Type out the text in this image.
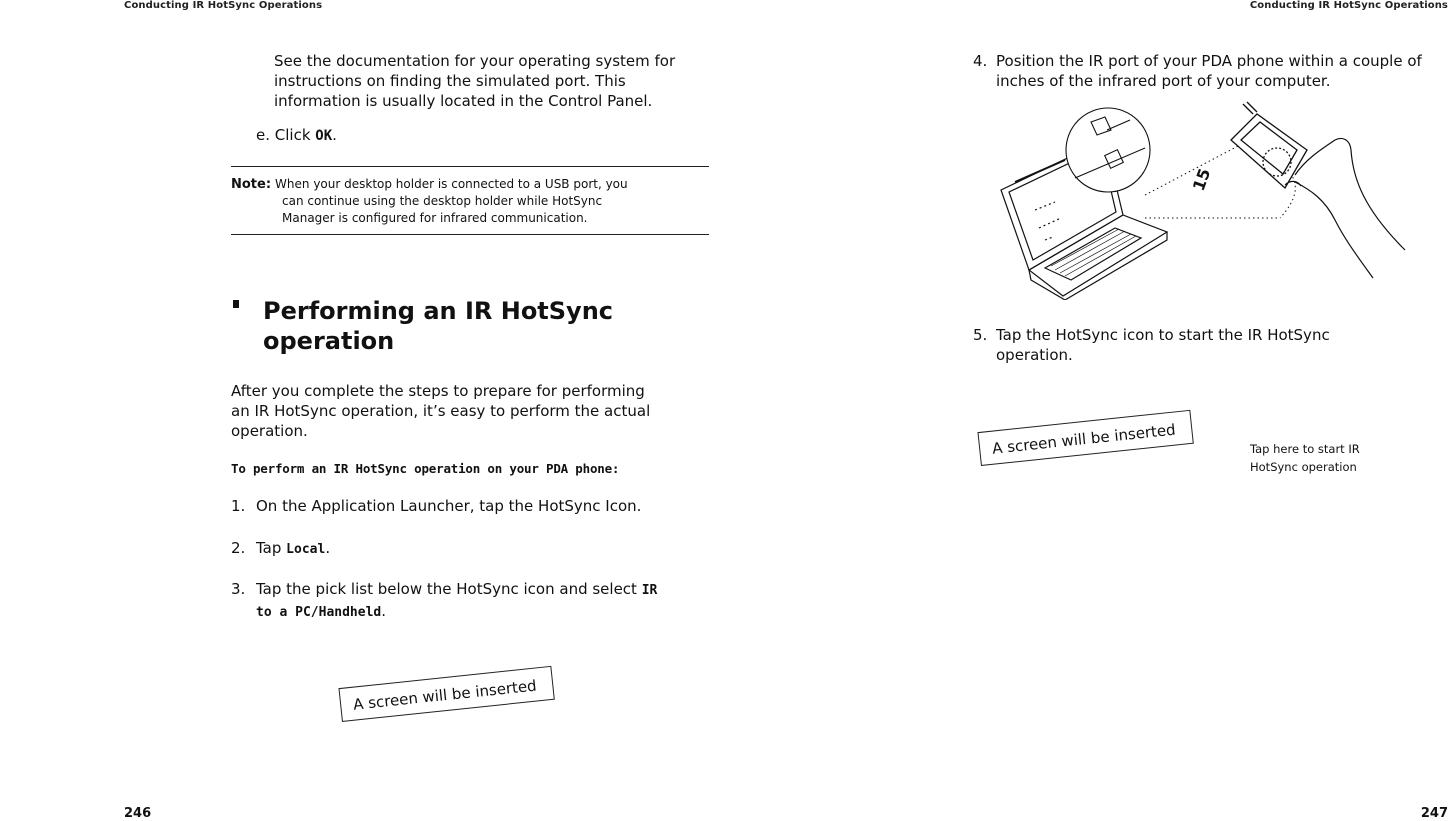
Conducting IR HotSync Operations
See the documentation for your operating system for
instructions on finding the simulated port. This
information is usually located in the Control Panel.
e. Click OK.
Note: When your desktop holder is connected to a USB port, you
can continue using the desktop holder while HotSync
Manager is configured for infrared communication.
Performing an IR HotSync
operation
After you complete the steps to prepare for performing
an IR HotSync operation, it’s easy to perform the actual
operation.
To perform an IR HotSync operation on your PDA phone:
1. On the Application Launcher, tap the HotSync Icon.
2. Tap Local.
3. Tap the pick list below the HotSync icon and select IR
to a PC/Handheld.
A screen will be inserted
246
Conducting IR HotSync Operations
4. Position the IR port of your PDA phone within a couple of
inches of the infrared port of your computer.
15
5. Tap the HotSync icon to start the IR HotSync
operation.
A screen will be inserted	Tap here to start IR
HotSync operation
247
